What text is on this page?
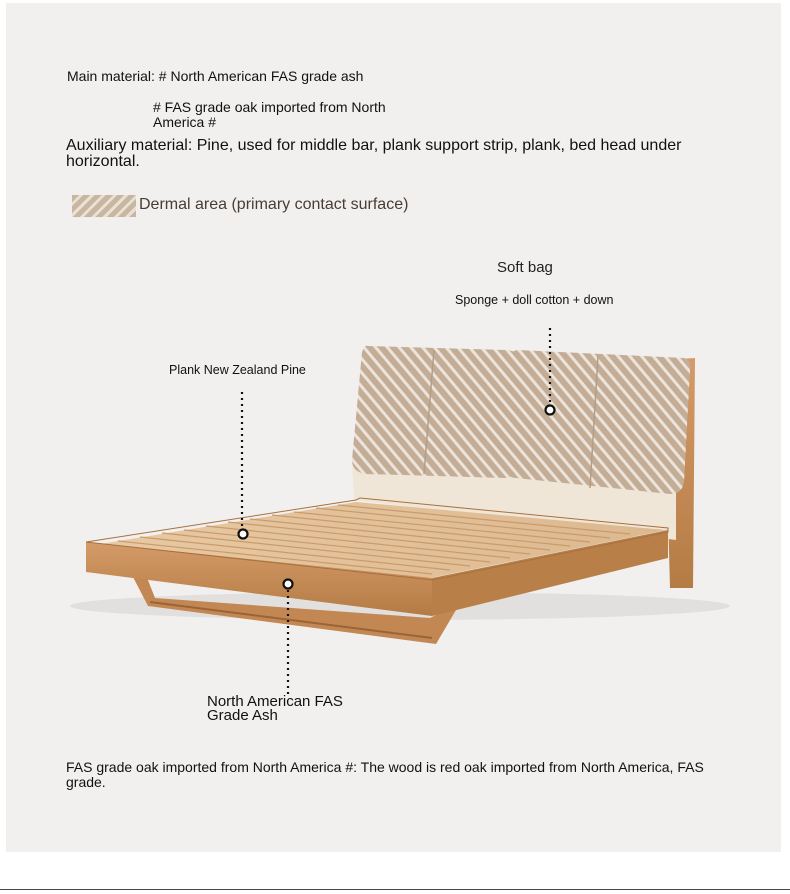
Main material: # North American FAS grade ash

# FAS grade oak imported from North America #

Auxiliary material: Pine, used for middle bar, plank support strip, plank, bed head under horizontal.

Dermal area (primary contact surface)

Soft bag

Sponge + doll cotton + down

Plank New Zealand Pine

North American FAS Grade Ash

FAS grade oak imported from North America #: The wood is red oak imported from North America, FAS grade.
